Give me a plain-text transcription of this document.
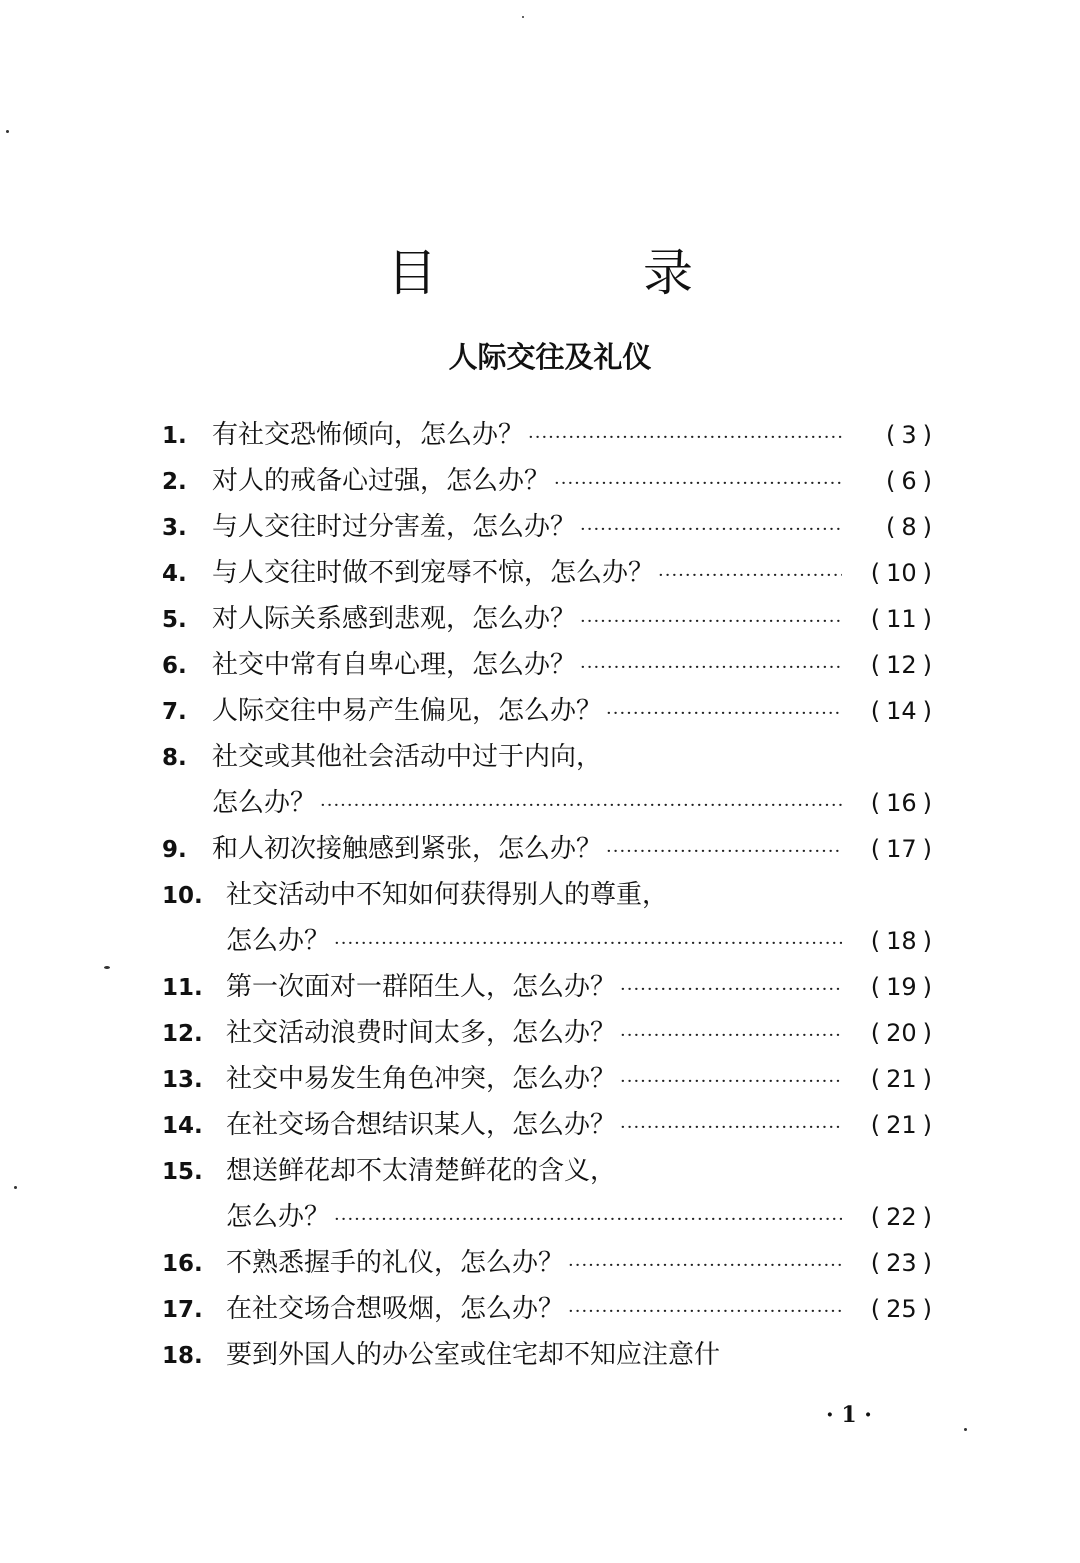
目　录
人际交往及礼仪
1. 有社交恐怖倾向，怎么办？ ·····	( 3 )
2. 对人的戒备心过强，怎么办？ ·····	( 6 )
3. 与人交往时过分害羞，怎么办？ ·····	( 8 )
4. 与人交往时做不到宠辱不惊，怎么办？ ·····	( 10 )
5. 对人际关系感到悲观，怎么办？ ·····	( 11 )
6. 社交中常有自卑心理，怎么办？ ·····	( 12 )
7. 人际交往中易产生偏见，怎么办？ ·····	( 14 )
8. 社交或其他社会活动中过于内向，
怎么办？ ·····	( 16 )
9. 和人初次接触感到紧张，怎么办？ ·····	( 17 )
10. 社交活动中不知如何获得别人的尊重，
怎么办？ ·····	( 18 )
11. 第一次面对一群陌生人，怎么办？ ·····	( 19 )
12. 社交活动浪费时间太多，怎么办？ ·····	( 20 )
13. 社交中易发生角色冲突，怎么办？ ·····	( 21 )
14. 在社交场合想结识某人，怎么办？ ·····	( 21 )
15. 想送鲜花却不太清楚鲜花的含义，
怎么办？ ·····	( 22 )
16. 不熟悉握手的礼仪，怎么办？ ·····	( 23 )
17. 在社交场合想吸烟，怎么办？ ·····	( 25 )
18. 要到外国人的办公室或住宅却不知应注意什
· 1 ·
